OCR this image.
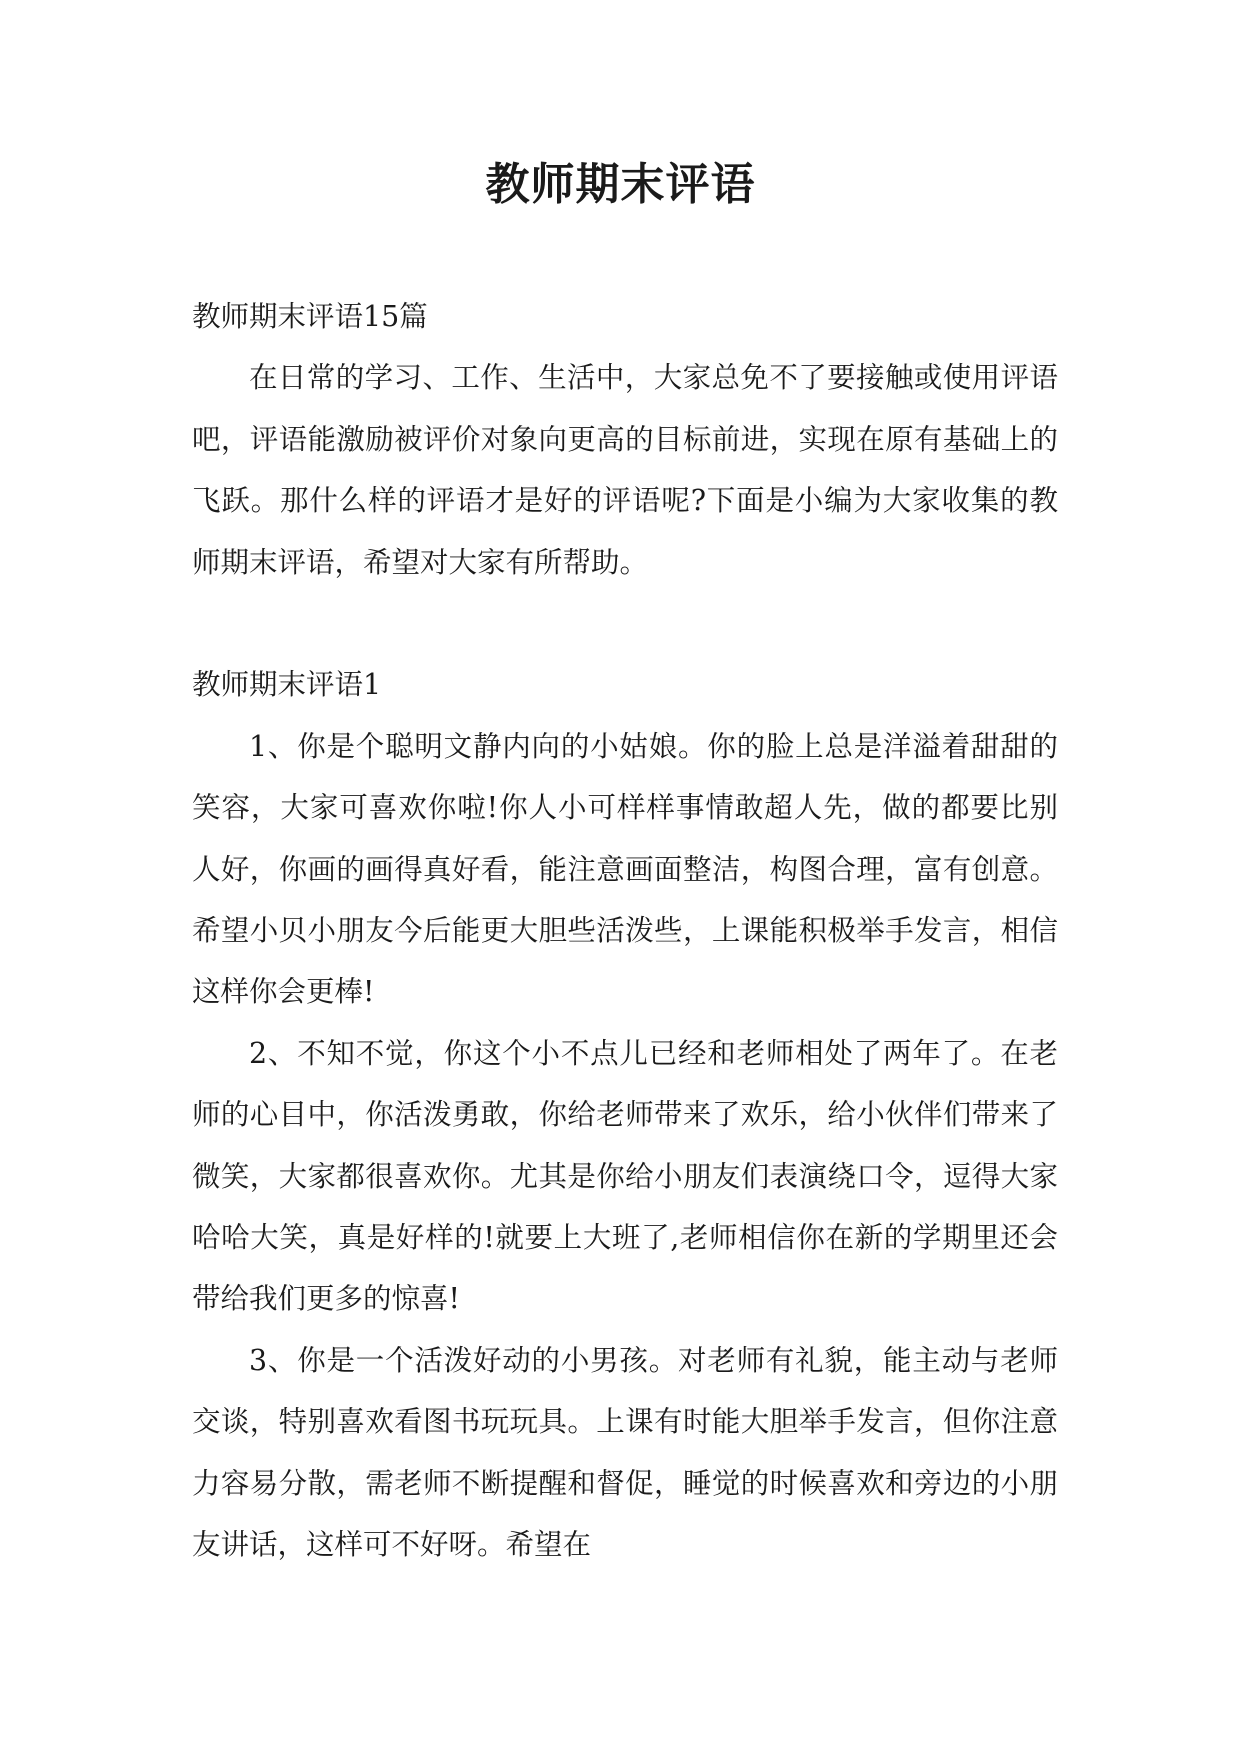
教师期末评语

教师期末评语15篇

在日常的学习、工作、生活中，大家总免不了要接触或使用评语吧，评语能激励被评价对象向更高的目标前进，实现在原有基础上的飞跃。那什么样的评语才是好的评语呢?下面是小编为大家收集的教师期末评语，希望对大家有所帮助。

教师期末评语1

1、你是个聪明文静内向的小姑娘。你的脸上总是洋溢着甜甜的笑容，大家可喜欢你啦!你人小可样样事情敢超人先，做的都要比别人好，你画的画得真好看，能注意画面整洁，构图合理，富有创意。希望小贝小朋友今后能更大胆些活泼些，上课能积极举手发言，相信这样你会更棒!

2、不知不觉，你这个小不点儿已经和老师相处了两年了。在老师的心目中，你活泼勇敢，你给老师带来了欢乐，给小伙伴们带来了微笑，大家都很喜欢你。尤其是你给小朋友们表演绕口令，逗得大家哈哈大笑，真是好样的!就要上大班了,老师相信你在新的学期里还会带给我们更多的惊喜!

3、你是一个活泼好动的小男孩。对老师有礼貌，能主动与老师交谈，特别喜欢看图书玩玩具。上课有时能大胆举手发言，但你注意力容易分散，需老师不断提醒和督促，睡觉的时候喜欢和旁边的小朋友讲话，这样可不好呀。希望在
